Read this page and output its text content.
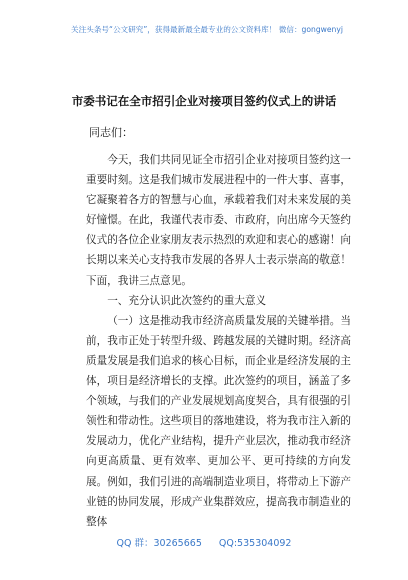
关注头条号“公文研究”，获得最新最全最专业的公文资料库！ 微信：gongwenyj
市委书记在全市招引企业对接项目签约仪式上的讲话
同志们：

今天，我们共同见证全市招引企业对接项目签约这一重要时刻。这是我们城市发展进程中的一件大事、喜事，它凝聚着各方的智慧与心血，承载着我们对未来发展的美好憧憬。在此，我谨代表市委、市政府，向出席今天签约仪式的各位企业家朋友表示热烈的欢迎和衷心的感谢！向长期以来关心支持我市发展的各界人士表示崇高的敬意！下面，我讲三点意见。

一、充分认识此次签约的重大意义

（一）这是推动我市经济高质量发展的关键举措。当前，我市正处于转型升级、跨越发展的关键时期。经济高质量发展是我们追求的核心目标，而企业是经济发展的主体，项目是经济增长的支撑。此次签约的项目，涵盖了多个领域，与我们的产业发展规划高度契合，具有很强的引领性和带动性。这些项目的落地建设，将为我市注入新的发展动力，优化产业结构，提升产业层次，推动我市经济向更高质量、更有效率、更加公平、更可持续的方向发展。例如，我们引进的高端制造业项目，将带动上下游产业链的协同发展，形成产业集群效应，提高我市制造业的整体

QQ 群：30265665 QQ:535304092
